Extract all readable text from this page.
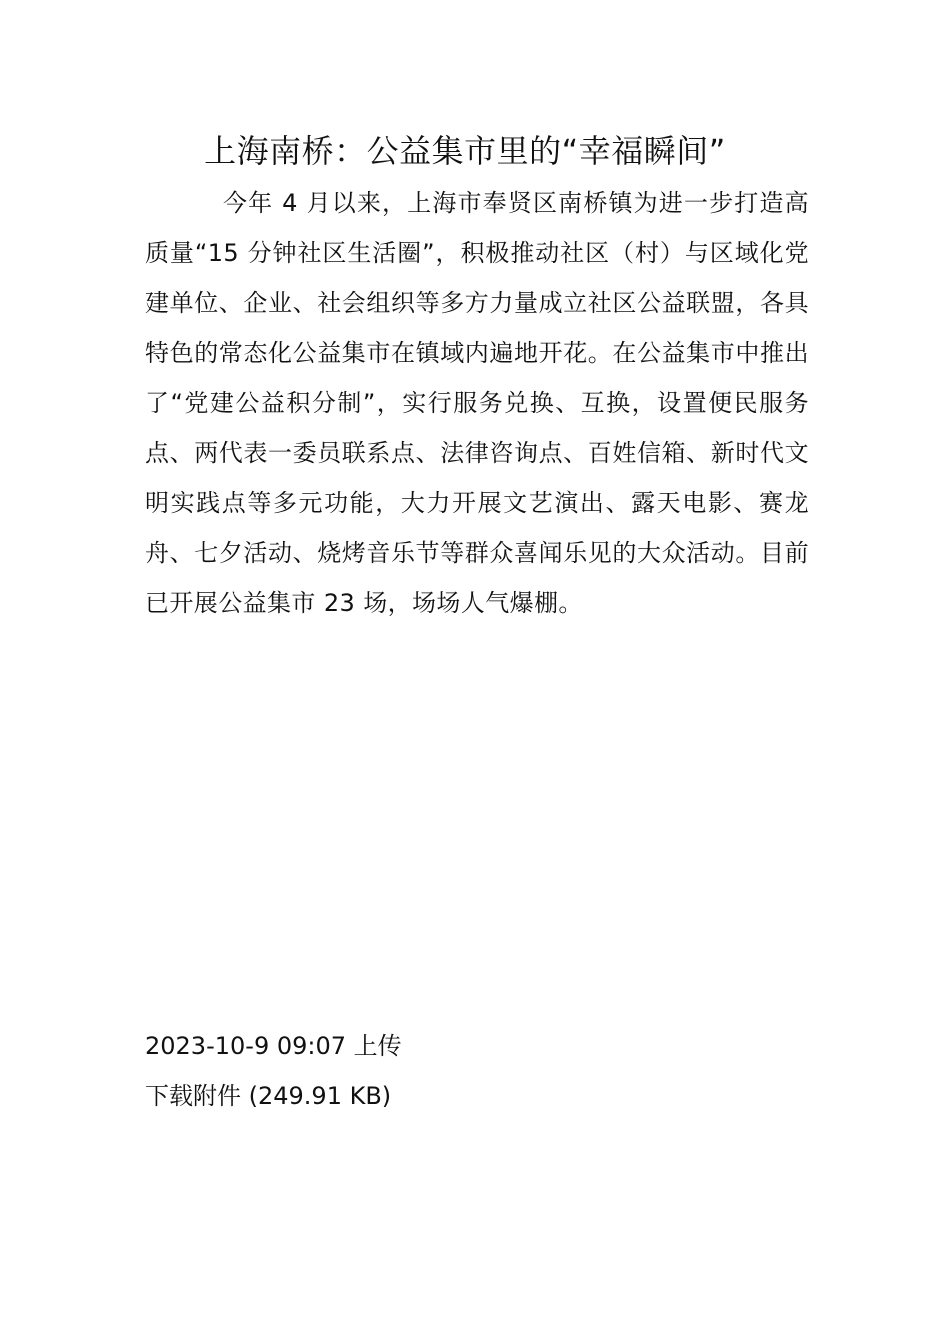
上海南桥：公益集市里的“幸福瞬间”

今年 4 月以来，上海市奉贤区南桥镇为进一步打造高质量“15 分钟社区生活圈”，积极推动社区（村）与区域化党建单位、企业、社会组织等多方力量成立社区公益联盟，各具特色的常态化公益集市在镇域内遍地开花。在公益集市中推出了“党建公益积分制”，实行服务兑换、互换，设置便民服务点、两代表一委员联系点、法律咨询点、百姓信箱、新时代文明实践点等多元功能，大力开展文艺演出、露天电影、赛龙舟、七夕活动、烧烤音乐节等群众喜闻乐见的大众活动。目前已开展公益集市 23 场，场场人气爆棚。

2023-10-9 09:07 上传

下载附件 (249.91 KB)
